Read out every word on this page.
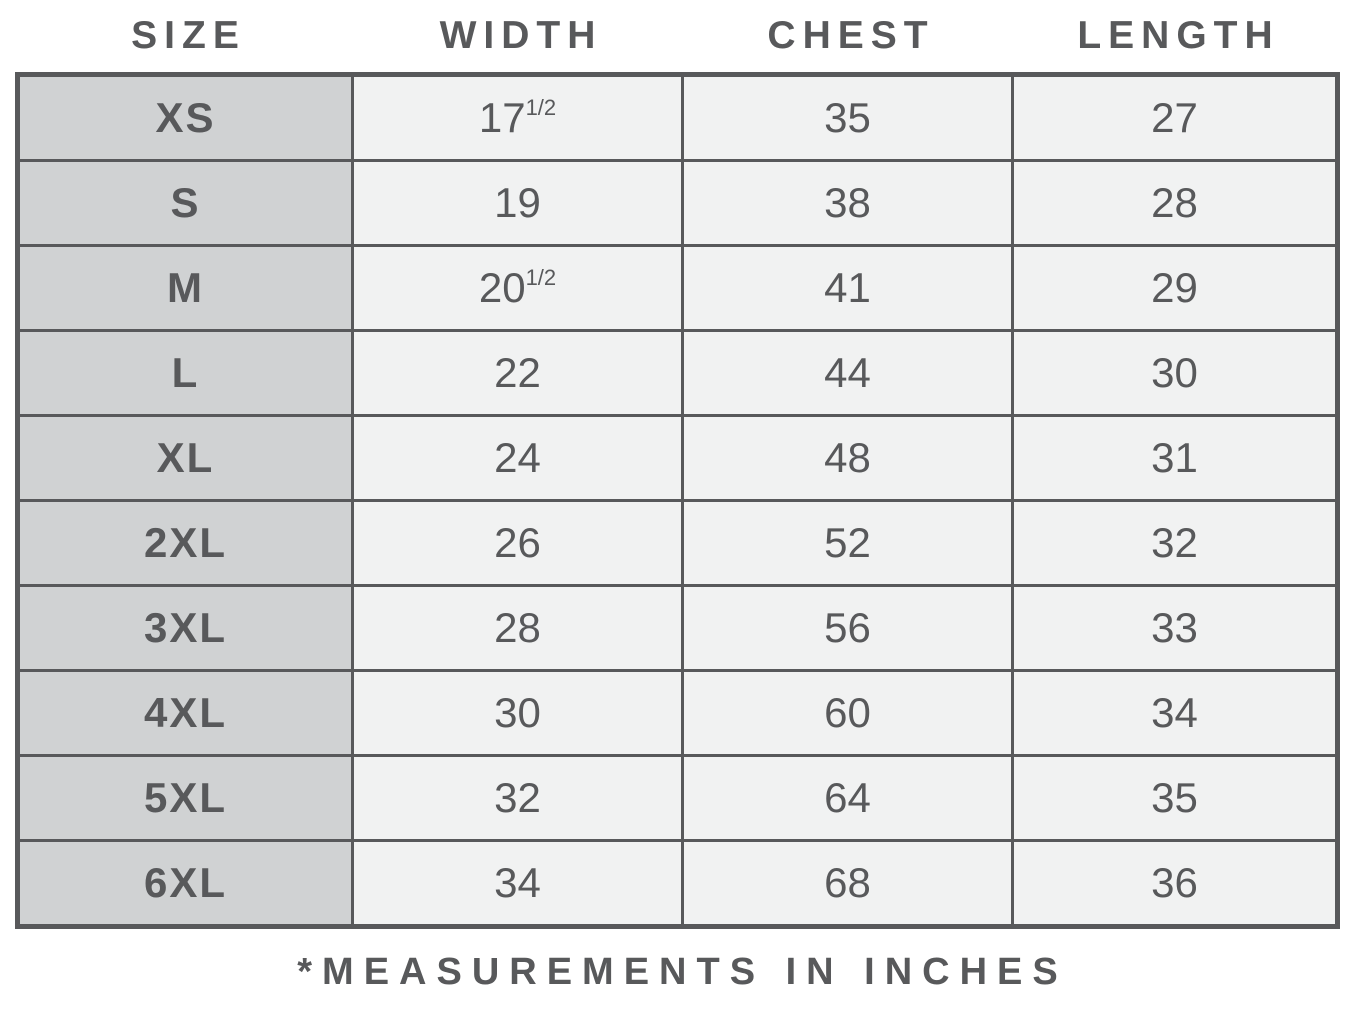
SIZE	WIDTH	CHEST	LENGTH
XS	$17^{1/2}$	35	27
S	19	38	28
M	$20^{1/2}$	41	29
L	22	44	30
XL	24	48	31
2XL	26	52	32
3XL	28	56	33
4XL	30	60	34
5XL	32	64	35
6XL	34	68	36
*MEASUREMENTS IN INCHES
